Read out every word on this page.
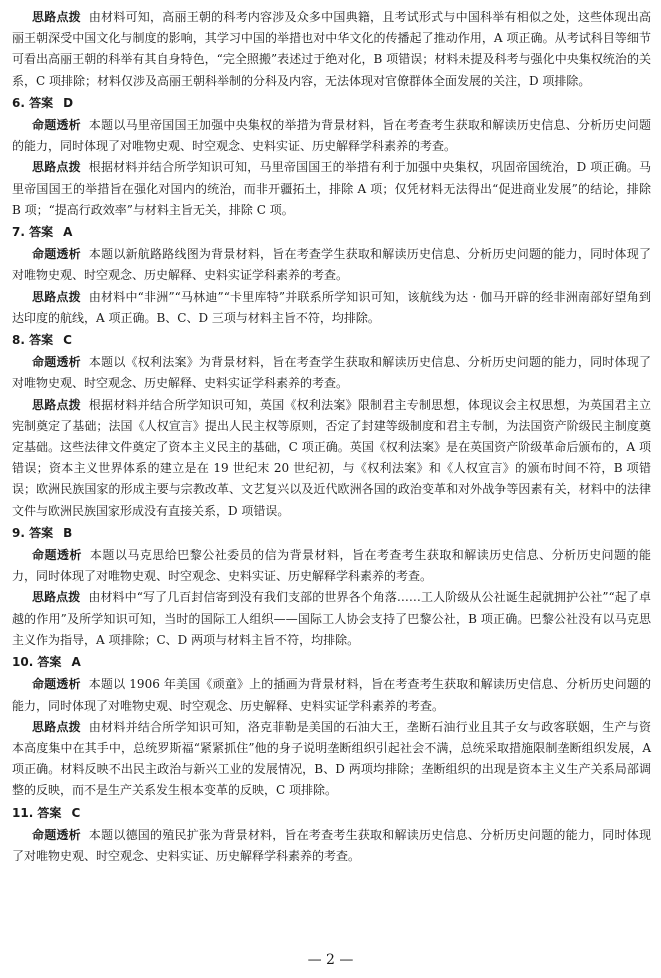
思路点拨 由材料可知，高丽王朝的科考内容涉及众多中国典籍，且考试形式与中国科举有相似之处，这些体现出高丽王朝深受中国文化与制度的影响，其学习中国的举措也对中华文化的传播起了推动作用，A 项正确。从考试科目等细节可看出高丽王朝的科举有其自身特色，“完全照搬”表述过于绝对化，B 项错误；材料未提及科考与强化中央集权统治的关系，C 项排除；材料仅涉及高丽王朝科举制的分科及内容，无法体现对官僚群体全面发展的关注，D 项排除。

6. 答案 D

命题透析 本题以马里帝国国王加强中央集权的举措为背景材料，旨在考查考生获取和解读历史信息、分析历史问题的能力，同时体现了对唯物史观、时空观念、史料实证、历史解释学科素养的考查。

思路点拨 根据材料并结合所学知识可知，马里帝国国王的举措有利于加强中央集权，巩固帝国统治，D 项正确。马里帝国国王的举措旨在强化对国内的统治，而非开疆拓土，排除 A 项；仅凭材料无法得出“促进商业发展”的结论，排除 B 项；“提高行政效率”与材料主旨无关，排除 C 项。

7. 答案 A

命题透析 本题以新航路路线图为背景材料，旨在考查学生获取和解读历史信息、分析历史问题的能力，同时体现了对唯物史观、时空观念、历史解释、史料实证学科素养的考查。

思路点拨 由材料中“非洲”“马林迪”“卡里库特”并联系所学知识可知，该航线为达 · 伽马开辟的经非洲南部好望角到达印度的航线，A 项正确。B、C、D 三项与材料主旨不符，均排除。

8. 答案 C

命题透析 本题以《权利法案》为背景材料，旨在考查学生获取和解读历史信息、分析历史问题的能力，同时体现了对唯物史观、时空观念、历史解释、史料实证学科素养的考查。

思路点拨 根据材料并结合所学知识可知，英国《权利法案》限制君主专制思想，体现议会主权思想，为英国君主立宪制奠定了基础；法国《人权宣言》提出人民主权等原则，否定了封建等级制度和君主专制，为法国资产阶级民主制度奠定基础。这些法律文件奠定了资本主义民主的基础，C 项正确。英国《权利法案》是在英国资产阶级革命后颁布的，A 项错误；资本主义世界体系的建立是在 19 世纪末 20 世纪初，与《权利法案》和《人权宣言》的颁布时间不符，B 项错误；欧洲民族国家的形成主要与宗教改革、文艺复兴以及近代欧洲各国的政治变革和对外战争等因素有关，材料中的法律文件与欧洲民族国家形成没有直接关系，D 项错误。

9. 答案 B

命题透析 本题以马克思给巴黎公社委员的信为背景材料，旨在考查考生获取和解读历史信息、分析历史问题的能力，同时体现了对唯物史观、时空观念、史料实证、历史解释学科素养的考查。

思路点拨 由材料中“写了几百封信寄到没有我们支部的世界各个角落……工人阶级从公社诞生起就拥护公社”“起了卓越的作用”及所学知识可知，当时的国际工人组织——国际工人协会支持了巴黎公社，B 项正确。巴黎公社没有以马克思主义作为指导，A 项排除；C、D 两项与材料主旨不符，均排除。

10. 答案 A

命题透析 本题以 1906 年美国《顽童》上的插画为背景材料，旨在考查考生获取和解读历史信息、分析历史问题的能力，同时体现了对唯物史观、时空观念、历史解释、史料实证学科素养的考查。

思路点拨 由材料并结合所学知识可知，洛克菲勒是美国的石油大王，垄断石油行业且其子女与政客联姻，生产与资本高度集中在其手中，总统罗斯福“紧紧抓住”他的身子说明垄断组织引起社会不满，总统采取措施限制垄断组织发展，A 项正确。材料反映不出民主政治与新兴工业的发展情况，B、D 两项均排除；垄断组织的出现是资本主义生产关系局部调整的反映，而不是生产关系发生根本变革的反映，C 项排除。

11. 答案 C

命题透析 本题以德国的殖民扩张为背景材料，旨在考查考生获取和解读历史信息、分析历史问题的能力，同时体现了对唯物史观、时空观念、史料实证、历史解释学科素养的考查。

— 2 —
